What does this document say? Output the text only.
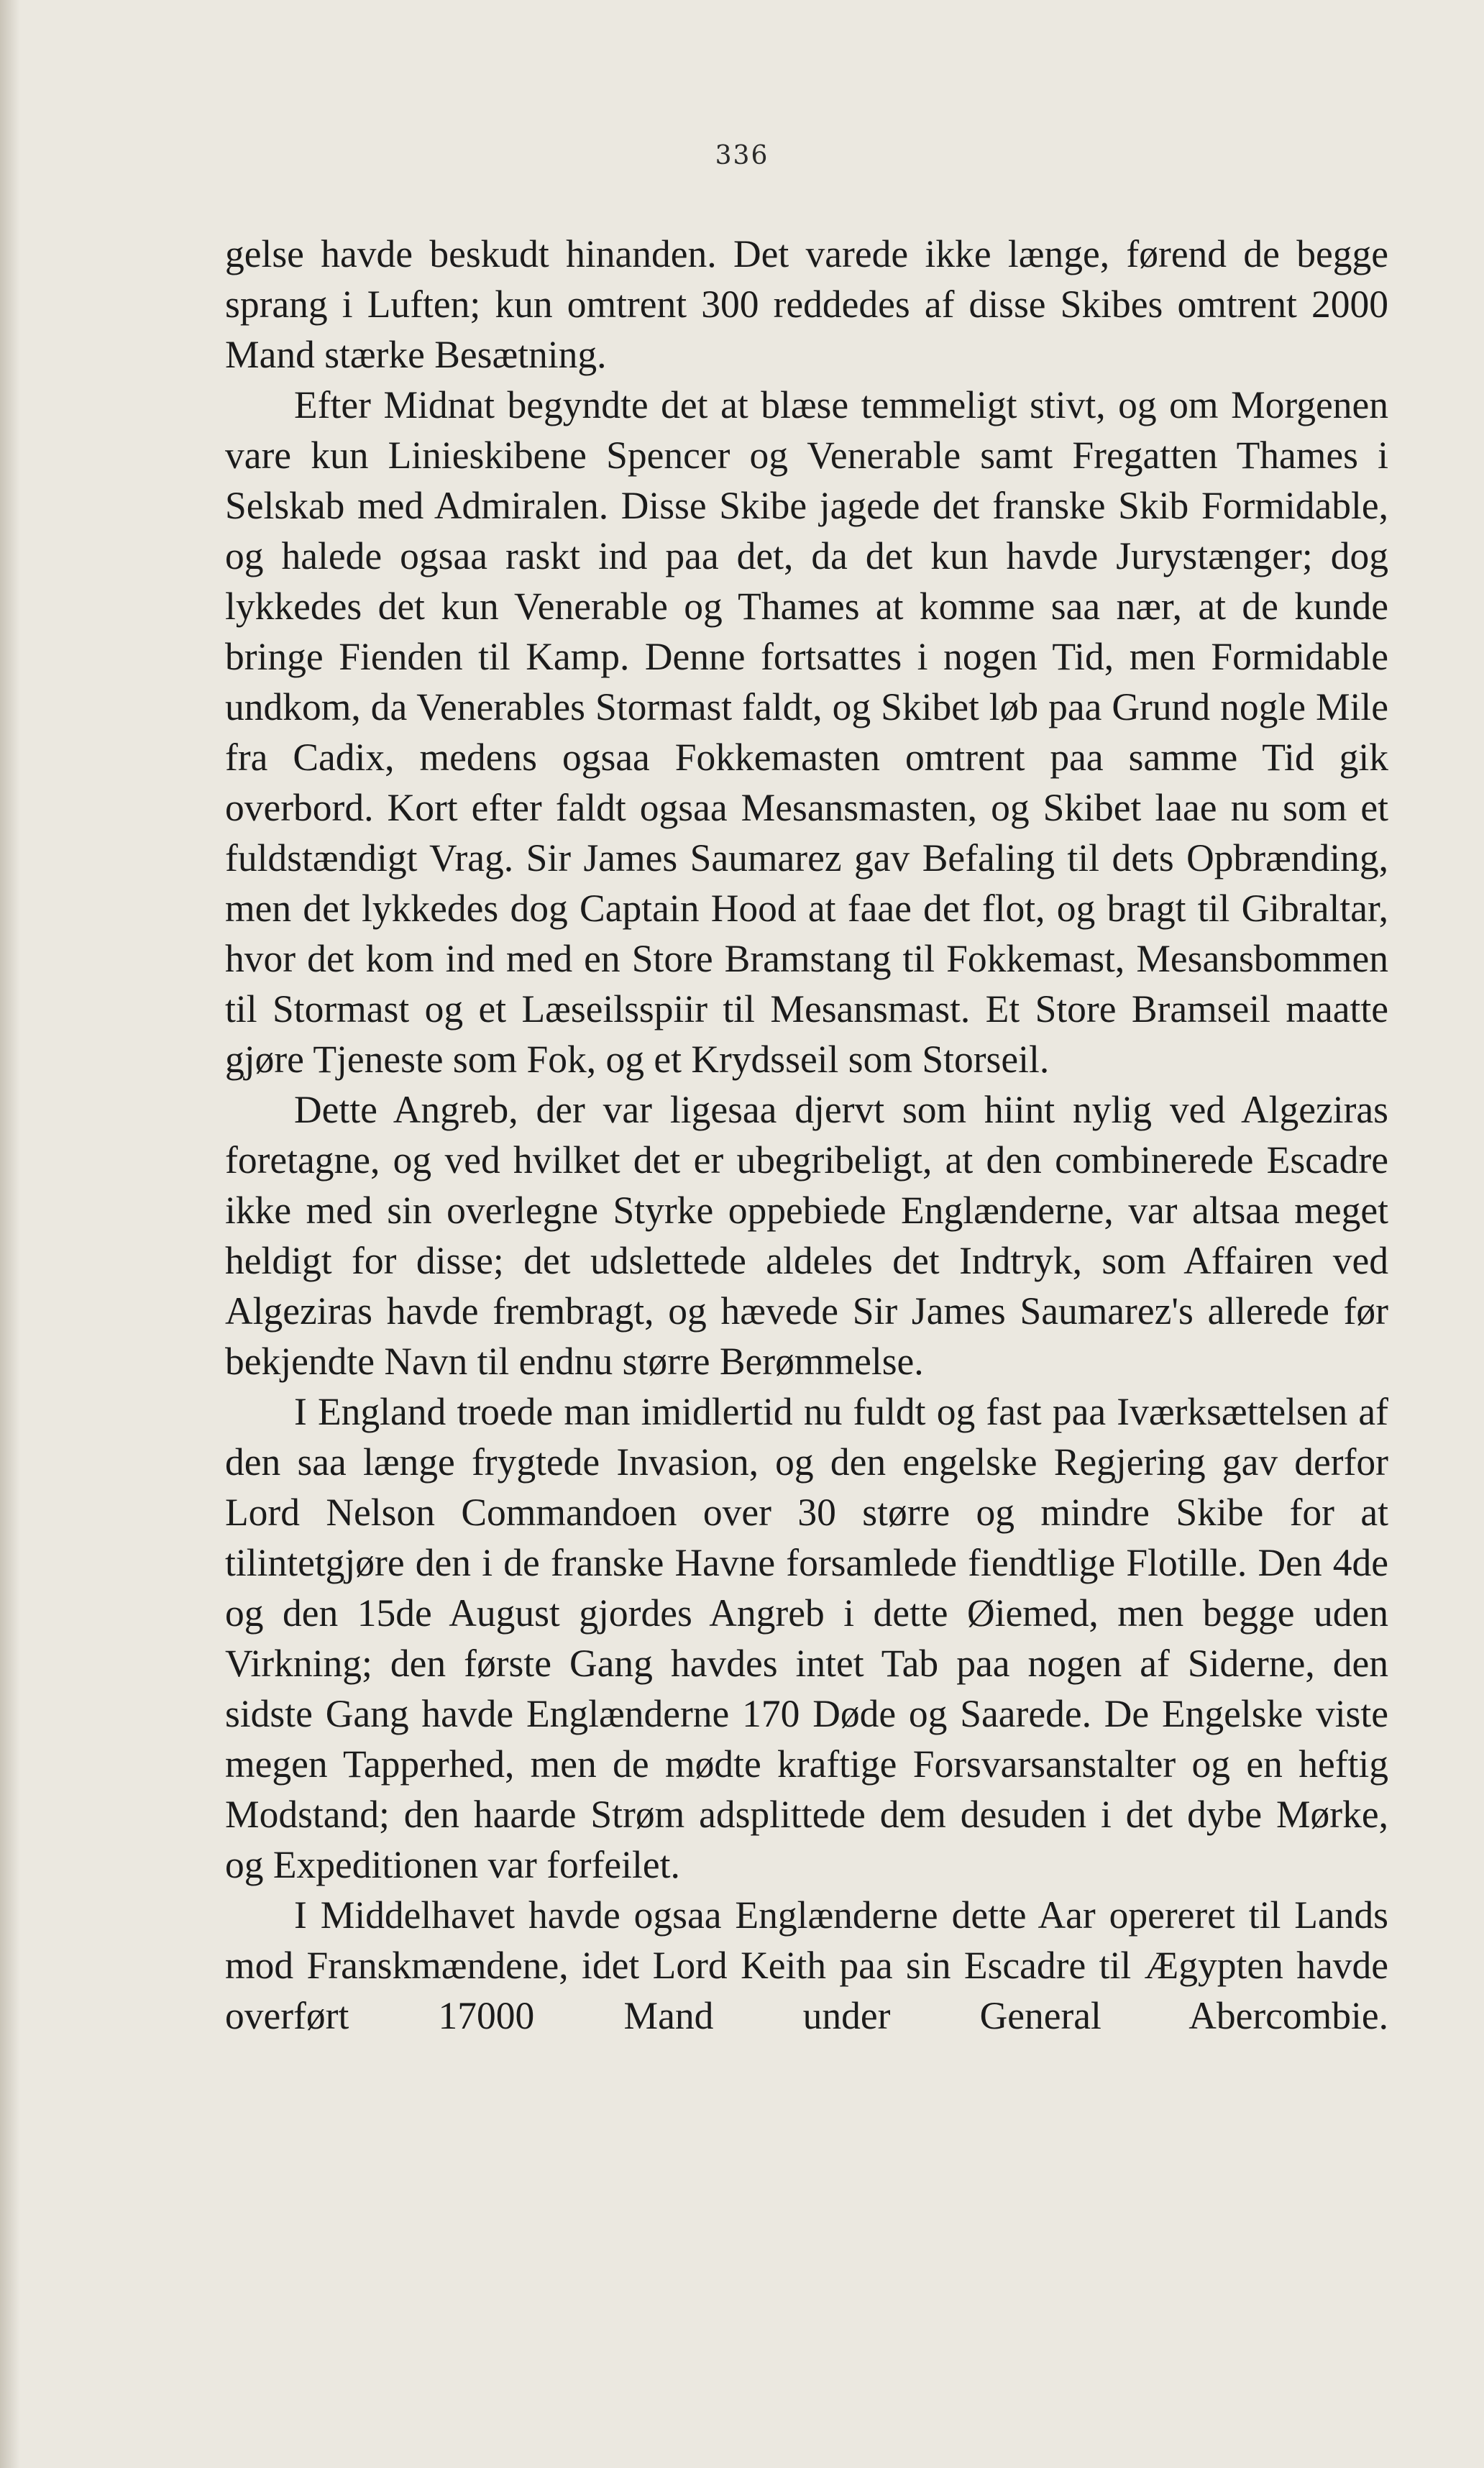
336

gelse havde beskudt hinanden. Det varede ikke længe, førend de begge sprang i Luften; kun omtrent 300 reddedes af disse Skibes omtrent 2000 Mand stærke Besætning.

Efter Midnat begyndte det at blæse temmeligt stivt, og om Morgenen vare kun Linieskibene Spencer og Venerable samt Fregatten Thames i Selskab med Admiralen. Disse Skibe jagede det franske Skib Formidable, og halede ogsaa raskt ind paa det, da det kun havde Jurystænger; dog lykkedes det kun Venerable og Thames at komme saa nær, at de kunde bringe Fienden til Kamp. Denne fortsattes i nogen Tid, men Formidable undkom, da Venerables Stormast faldt, og Skibet løb paa Grund nogle Mile fra Cadix, medens ogsaa Fokkemasten omtrent paa samme Tid gik overbord. Kort efter faldt ogsaa Mesansmasten, og Skibet laae nu som et fuldstændigt Vrag. Sir James Saumarez gav Befaling til dets Opbrænding, men det lykkedes dog Captain Hood at faae det flot, og bragt til Gibraltar, hvor det kom ind med en Store Bramstang til Fokkemast, Mesansbommen til Stormast og et Læseilsspiir til Mesansmast. Et Store Bramseil maatte gjøre Tjeneste som Fok, og et Krydsseil som Storseil.

Dette Angreb, der var ligesaa djervt som hiint nylig ved Algeziras foretagne, og ved hvilket det er ubegribeligt, at den combinerede Escadre ikke med sin overlegne Styrke oppebiede Englænderne, var altsaa meget heldigt for disse; det udslettede aldeles det Indtryk, som Affairen ved Algeziras havde frembragt, og hævede Sir James Saumarez's allerede før bekjendte Navn til endnu større Berømmelse.

I England troede man imidlertid nu fuldt og fast paa Iværksættelsen af den saa længe frygtede Invasion, og den engelske Regjering gav derfor Lord Nelson Commandoen over 30 større og mindre Skibe for at tilintetgjøre den i de franske Havne forsamlede fiendtlige Flotille. Den 4de og den 15de August gjordes Angreb i dette Øiemed, men begge uden Virkning; den første Gang havdes intet Tab paa nogen af Siderne, den sidste Gang havde Englænderne 170 Døde og Saarede. De Engelske viste megen Tapperhed, men de mødte kraftige Forsvarsanstalter og en heftig Modstand; den haarde Strøm adsplittede dem desuden i det dybe Mørke, og Expeditionen var forfeilet.

I Middelhavet havde ogsaa Englænderne dette Aar opereret til Lands mod Franskmændene, idet Lord Keith paa sin Escadre til Ægypten havde overført 17000 Mand under General Abercombie.
